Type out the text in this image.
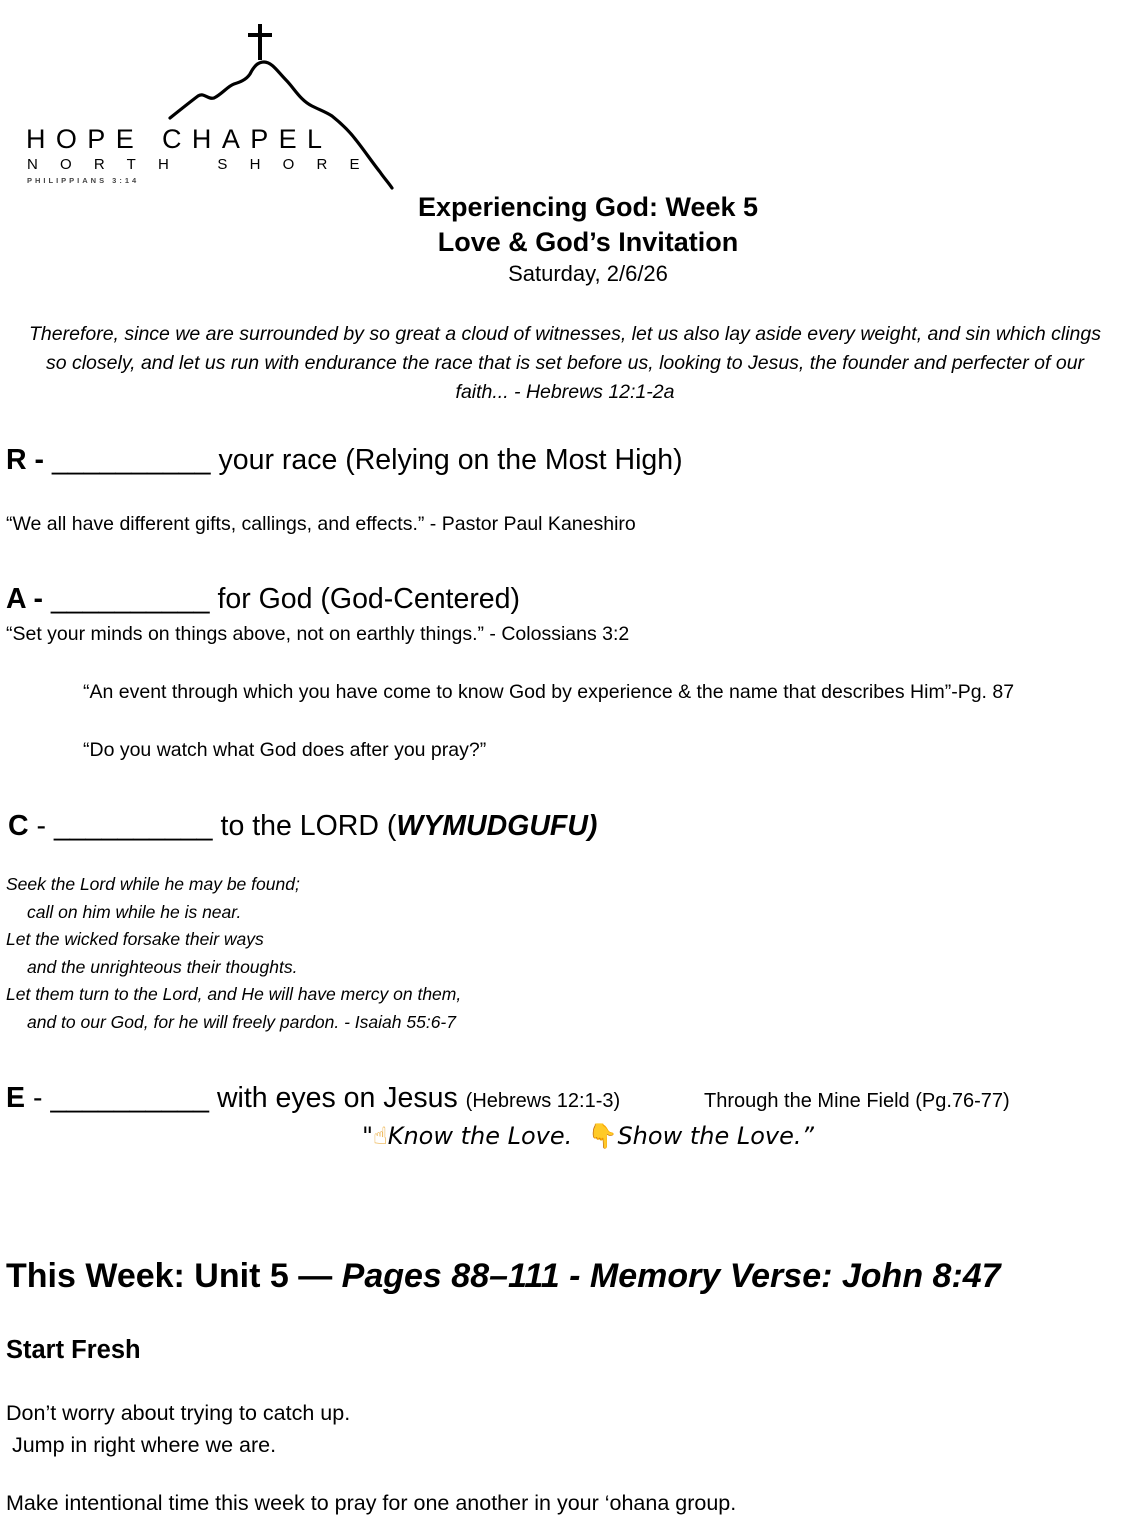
HOPE CHAPEL
NORTH SHORE
PHILIPPIANS 3:14
Experiencing God: Week 5
Love & God’s Invitation
Saturday, 2/6/26
Therefore, since we are surrounded by so great a cloud of witnesses, let us also lay aside every weight, and sin which clings so closely, and let us run with endurance the race that is set before us, looking to Jesus, the founder and perfecter of our faith... - Hebrews 12:1-2a
R - __________ your race (Relying on the Most High)
“We all have different gifts, callings, and effects.” - Pastor Paul Kaneshiro
A - __________ for God (God-Centered)
“Set your minds on things above, not on earthly things.” - Colossians 3:2
“An event through which you have come to know God by experience & the name that describes Him”-Pg. 87
“Do you watch what God does after you pray?”
C - __________ to the LORD (WYMUDGUFU)
Seek the Lord while he may be found;
call on him while he is near.
Let the wicked forsake their ways
and the unrighteous their thoughts.
Let them turn to the Lord, and He will have mercy on them,
and to our God, for he will freely pardon. - Isaiah 55:6-7
E - __________ with eyes on Jesus (Hebrews 12:1-3)	Through the Mine Field (Pg.76-77)
"☝Know the Love. 👇Show the Love.”
This Week: Unit 5 — Pages 88–111 - Memory Verse: John 8:47
Start Fresh
Don’t worry about trying to catch up.
Jump in right where we are.
Make intentional time this week to pray for one another in your ‘ohana group.
